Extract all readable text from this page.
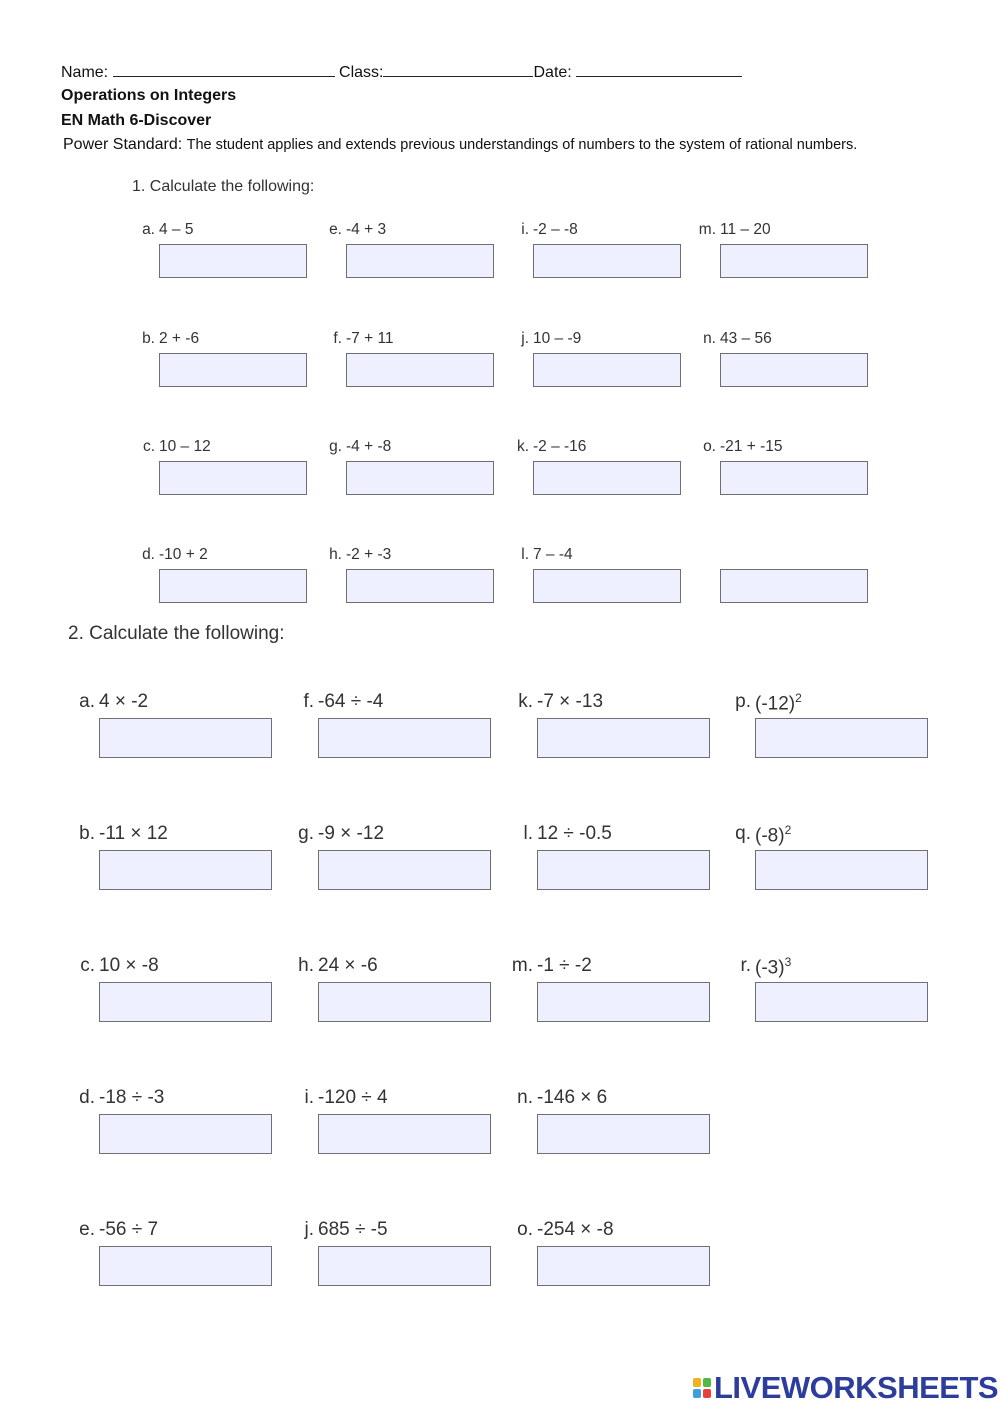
Name:	Class:	Date:
Operations on Integers
EN Math 6-Discover
Power Standard: The student applies and extends previous understandings of numbers to the system of rational numbers.
1. Calculate the following:
a. 4 – 5
b. 2 + -6
c. 10 – 12
d. -10 + 2
e. -4 + 3
f. -7 + 11
g. -4 + -8
h. -2 + -3
i. -2 – -8
j. 10 – -9
k. -2 – -16
l. 7 – -4
m. 11 – 20
n. 43 – 56
o. -21 + -15
2. Calculate the following:
a. 4 × -2
b. -11 × 12
c. 10 × -8
d. -18 ÷ -3
e. -56 ÷ 7
f. -64 ÷ -4
g. -9 × -12
h. 24 × -6
i. -120 ÷ 4
j. 685 ÷ -5
k. -7 × -13
l. 12 ÷ -0.5
m. -1 ÷ -2
n. -146 × 6
o. -254 × -8
p. $(-12)^2$
q. $(-8)^2$
r. $(-3)^3$
LIVEWORKSHEETS
